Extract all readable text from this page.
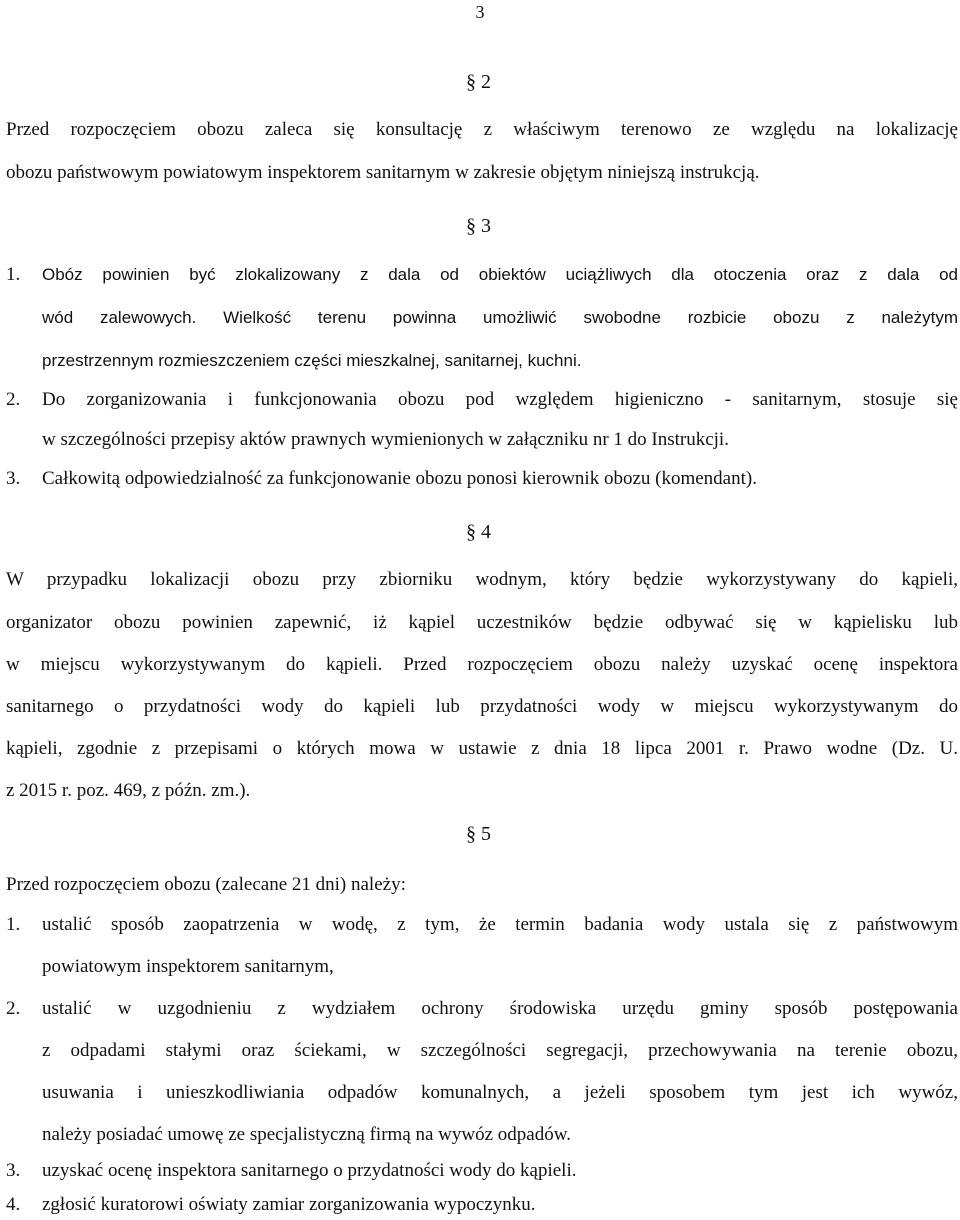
3
§ 2
Przed rozpoczęciem obozu zaleca się konsultację z właściwym terenowo ze względu na lokalizację
obozu państwowym powiatowym inspektorem sanitarnym w zakresie objętym niniejszą instrukcją.
§ 3
1. Obóz powinien być zlokalizowany z dala od obiektów uciążliwych dla otoczenia oraz z dala od
wód zalewowych. Wielkość terenu powinna umożliwić swobodne rozbicie obozu z należytym
przestrzennym rozmieszczeniem części mieszkalnej, sanitarnej, kuchni.
2. Do zorganizowania i funkcjonowania obozu pod względem higieniczno - sanitarnym, stosuje się
w szczególności przepisy aktów prawnych wymienionych w załączniku nr 1 do Instrukcji.
3. Całkowitą odpowiedzialność za funkcjonowanie obozu ponosi kierownik obozu (komendant).
§ 4
W przypadku lokalizacji obozu przy zbiorniku wodnym, który będzie wykorzystywany do kąpieli,
organizator obozu powinien zapewnić, iż kąpiel uczestników będzie odbywać się w kąpielisku lub
w miejscu wykorzystywanym do kąpieli. Przed rozpoczęciem obozu należy uzyskać ocenę inspektora
sanitarnego o przydatności wody do kąpieli lub przydatności wody w miejscu wykorzystywanym do
kąpieli, zgodnie z przepisami o których mowa w ustawie z dnia 18 lipca 2001 r. Prawo wodne (Dz. U.
z 2015 r. poz. 469, z późn. zm.).
§ 5
Przed rozpoczęciem obozu (zalecane 21 dni) należy:
1. ustalić sposób zaopatrzenia w wodę, z tym, że termin badania wody ustala się z państwowym
powiatowym inspektorem sanitarnym,
2. ustalić w uzgodnieniu z wydziałem ochrony środowiska urzędu gminy sposób postępowania
z odpadami stałymi oraz ściekami, w szczególności segregacji, przechowywania na terenie obozu,
usuwania i unieszkodliwiania odpadów komunalnych, a jeżeli sposobem tym jest ich wywóz,
należy posiadać umowę ze specjalistyczną firmą na wywóz odpadów.
3. uzyskać ocenę inspektora sanitarnego o przydatności wody do kąpieli.
4. zgłosić kuratorowi oświaty zamiar zorganizowania wypoczynku.
